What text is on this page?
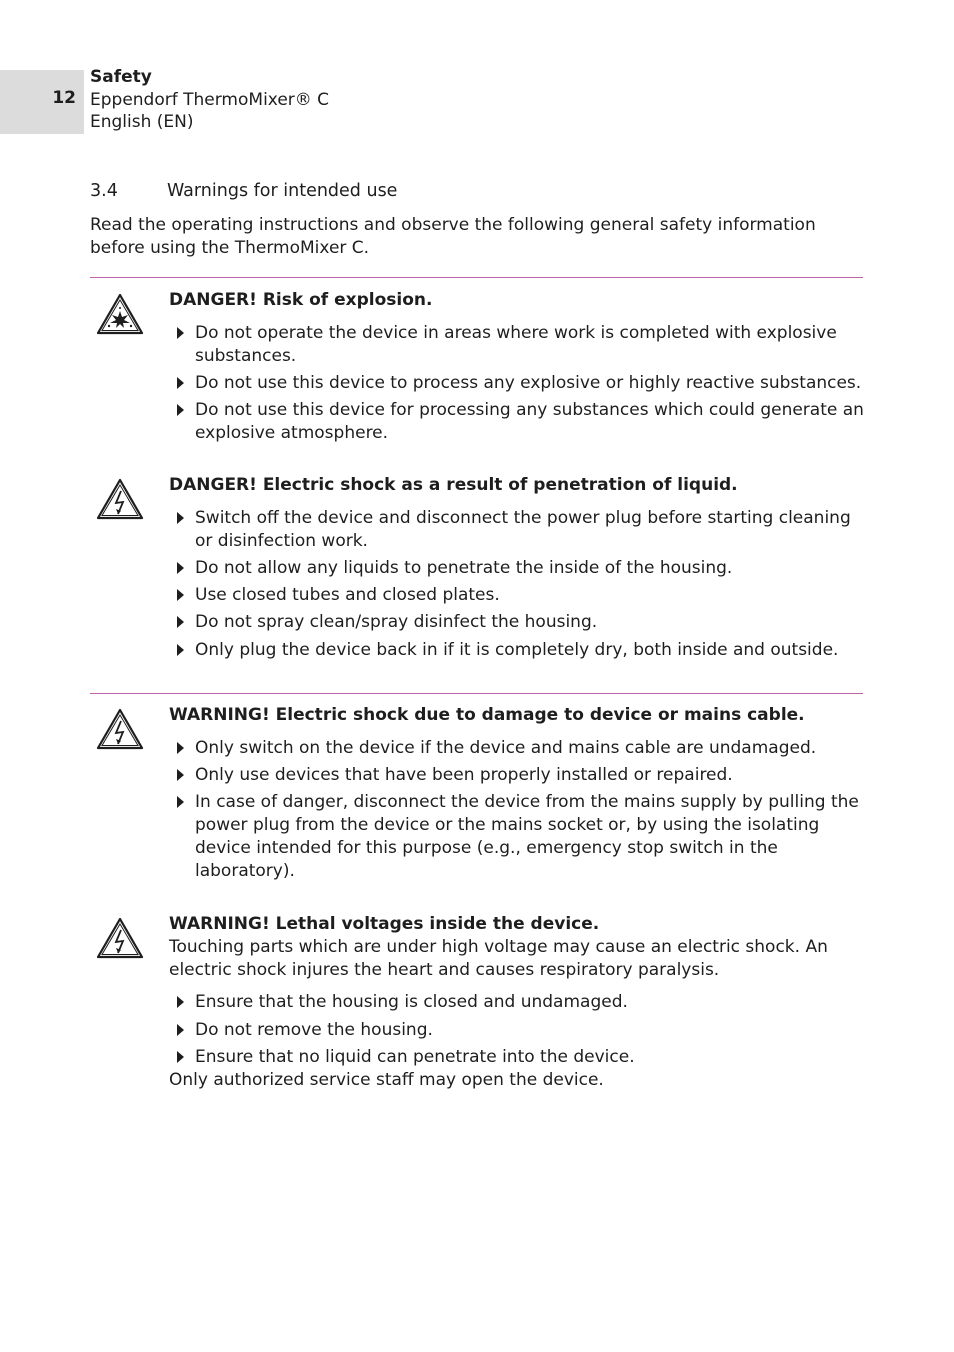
12
Safety
Eppendorf ThermoMixer® C
English (EN)
3.4	Warnings for intended use
Read the operating instructions and observe the following general safety information before using the ThermoMixer C.
DANGER! Risk of explosion.
Do not operate the device in areas where work is completed with explosive substances.
Do not use this device to process any explosive or highly reactive substances.
Do not use this device for processing any substances which could generate an explosive atmosphere.
DANGER! Electric shock as a result of penetration of liquid.
Switch off the device and disconnect the power plug before starting cleaning or disinfection work.
Do not allow any liquids to penetrate the inside of the housing.
Use closed tubes and closed plates.
Do not spray clean/spray disinfect the housing.
Only plug the device back in if it is completely dry, both inside and outside.
WARNING! Electric shock due to damage to device or mains cable.
Only switch on the device if the device and mains cable are undamaged.
Only use devices that have been properly installed or repaired.
In case of danger, disconnect the device from the mains supply by pulling the power plug from the device or the mains socket or, by using the isolating device intended for this purpose (e.g., emergency stop switch in the laboratory).
WARNING! Lethal voltages inside the device.
Touching parts which are under high voltage may cause an electric shock. An electric shock injures the heart and causes respiratory paralysis.
Ensure that the housing is closed and undamaged.
Do not remove the housing.
Ensure that no liquid can penetrate into the device.
Only authorized service staff may open the device.
